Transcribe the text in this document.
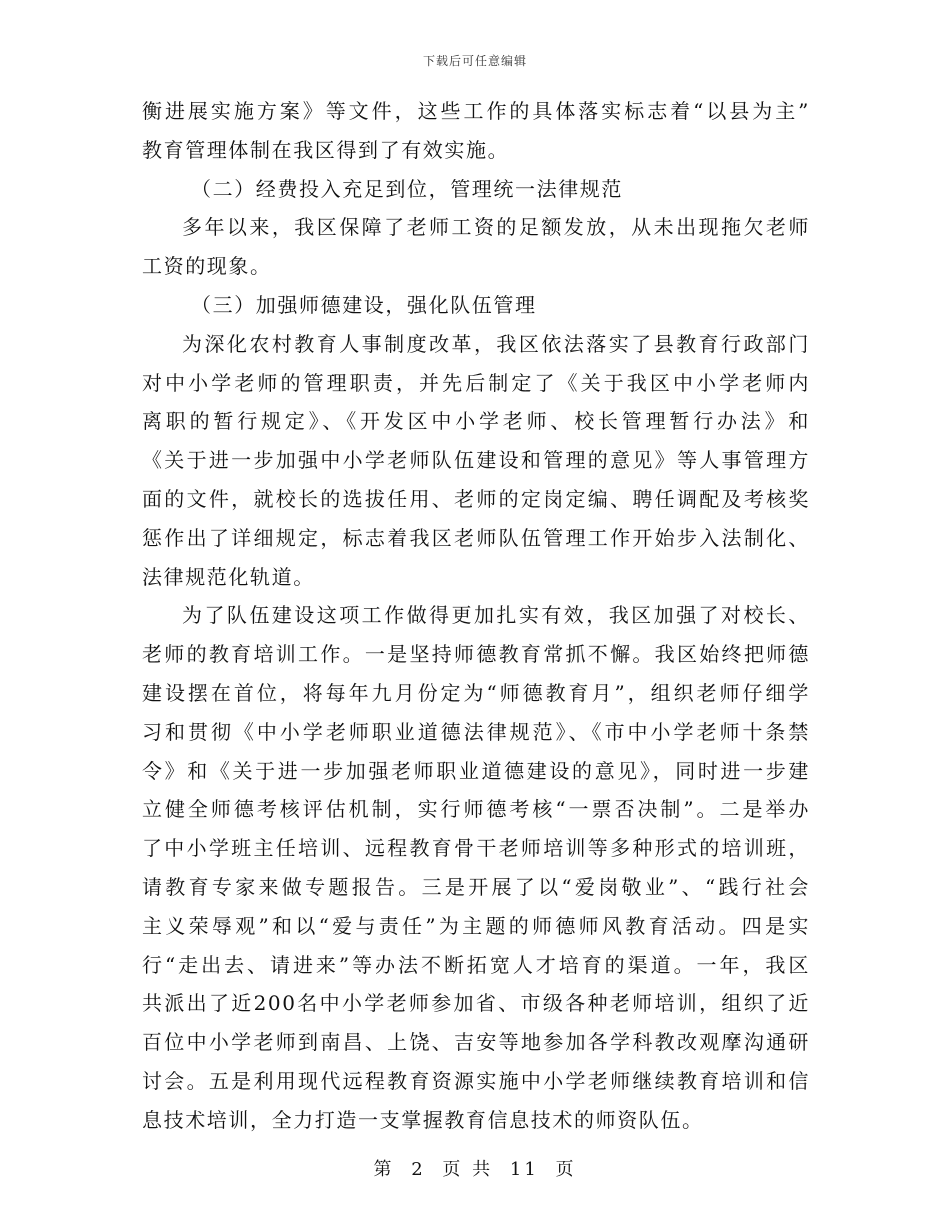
下载后可任意编辑
衡进展实施方案》等文件，这些工作的具体落实标志着“以县为主”
教育管理体制在我区得到了有效实施。
（二）经费投入充足到位，管理统一法律规范
多年以来，我区保障了老师工资的足额发放，从未出现拖欠老师
工资的现象。
（三）加强师德建设，强化队伍管理
为深化农村教育人事制度改革，我区依法落实了县教育行政部门
对中小学老师的管理职责，并先后制定了《关于我区中小学老师内
离职的暂行规定》、《开发区中小学老师、校长管理暂行办法》和
《关于进一步加强中小学老师队伍建设和管理的意见》等人事管理方
面的文件，就校长的选拔任用、老师的定岗定编、聘任调配及考核奖
惩作出了详细规定，标志着我区老师队伍管理工作开始步入法制化、
法律规范化轨道。
为了队伍建设这项工作做得更加扎实有效，我区加强了对校长、
老师的教育培训工作。一是坚持师德教育常抓不懈。我区始终把师德
建设摆在首位，将每年九月份定为“师德教育月”，组织老师仔细学
习和贯彻《中小学老师职业道德法律规范》、《市中小学老师十条禁
令》和《关于进一步加强老师职业道德建设的意见》，同时进一步建
立健全师德考核评估机制，实行师德考核“一票否决制”。二是举办
了中小学班主任培训、远程教育骨干老师培训等多种形式的培训班，
请教育专家来做专题报告。三是开展了以“爱岗敬业”、“践行社会
主义荣辱观”和以“爱与责任”为主题的师德师风教育活动。四是实
行“走出去、请进来”等办法不断拓宽人才培育的渠道。一年，我区
共派出了近200名中小学老师参加省、市级各种老师培训，组织了近
百位中小学老师到南昌、上饶、吉安等地参加各学科教改观摩沟通研
讨会。五是利用现代远程教育资源实施中小学老师继续教育培训和信
息技术培训，全力打造一支掌握教育信息技术的师资队伍。
第 2 页 共 11 页
